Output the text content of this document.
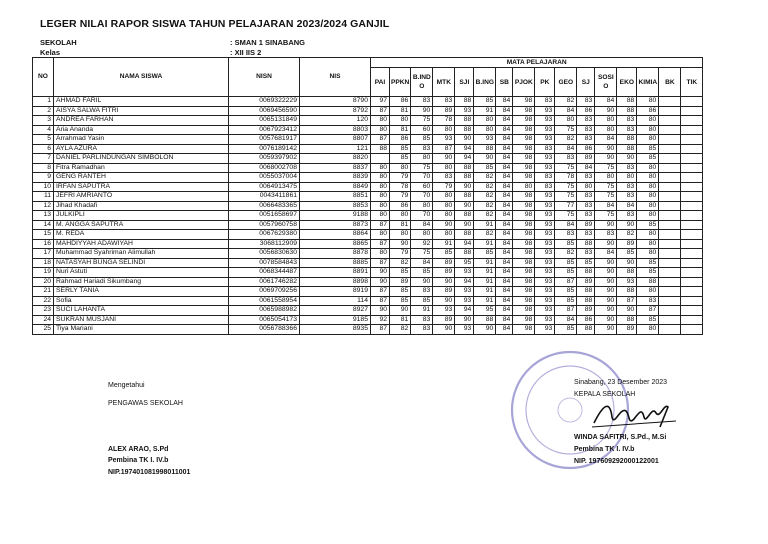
LEGER NILAI RAPOR SISWA TAHUN PELAJARAN 2023/2024 GANJIL
SEKOLAH	: SMAN 1 SINABANG
Kelas	: XII IIS 2
NO	NAMA SISWA	NISN	NIS	MATA PELAJARAN															
				PAI	PPKN	B.IND O	MTK	SJI	B.ING	SB	PJOK	PK	GEO	SJ	SOSI O	EKO	KIMIA	BK	TIK
1	AHMAD FARIL	0069322229	8790	97	86	83	83	88	85	84	98	83	82	83	84	88	80		
2	AISYA SALWA FITRI	0069456590	8792	87	81	90	89	93	91	84	98	93	84	86	90	88	86		
3	ANDREA FARHAN	0065131849	120	80	80	75	78	88	80	84	98	93	80	83	80	83	80		
4	Aria Ananda	0067923412	8803	80	81	60	80	88	80	84	98	93	75	83	80	83	80		
5	Arrahmad Yasin	0057681917	8807	87	86	85	93	90	93	84	98	93	82	83	84	88	80		
6	AYLA AZURA	0076189142	121	88	85	83	87	94	88	84	98	83	84	86	90	88	85		
7	DANIEL PARLINDUNGAN SIMBOLON	0059397902	8820		85	80	90	94	90	84	98	93	83	89	90	90	85		
8	Fitra Ramadhan	0068002708	8837	80	80	75	80	88	85	84	98	93	75	84	75	83	80		
9	GENG RANTEH	0055037004	8839	80	79	70	83	88	82	84	98	83	78	83	80	80	80		
10	IRFAN SAPUTRA	0064913475	8849	80	78	60	79	90	82	84	80	83	75	80	75	83	80		
11	JEFRI AMRIANTO	0043411861	8851	80	79	70	80	88	82	84	98	93	75	83	75	83	80		
12	Jihad Khadafi	0066483365	8853	80	86	80	80	90	82	84	98	93	77	83	84	84	80		
13	JULKIPLI	0051658697	9188	80	80	70	80	88	82	84	98	93	75	83	75	83	80		
14	M. ANGGA SAPUTRA	0057960758	8873	87	81	84	90	90	91	84	98	93	84	89	90	90	85		
15	M. REDA	0067629380	8864	80	80	80	80	88	82	84	98	93	83	83	83	82	80		
16	MAHDIYYAH ADAWIYAH	3068112909	8865	87	90	92	91	94	91	84	98	93	85	88	90	89	80		
17	Muhammad Syahriman Alimullah	0056830630	8878	80	79	75	85	88	85	84	98	93	82	83	84	85	80		
18	NATASYAH BUNGA SELINDI	0078584843	8885	87	82	84	89	95	91	84	98	93	85	85	90	90	85		
19	Nuri Astuti	0068344487	8891	90	85	85	89	93	91	84	98	93	85	88	90	88	85		
20	Rahmad Hariadi Sikumbang	0061746282	8898	90	89	90	90	94	91	84	98	93	87	89	90	93	88		
21	SERLY TANIA	0069709256	8919	87	85	83	89	93	91	84	98	93	85	88	90	88	80		
22	Sofia	0061558954	114	87	85	85	90	93	91	84	98	93	85	88	90	87	83		
23	SUCI LAHANTA	0065988982	8927	90	90	91	93	94	95	84	98	93	87	89	90	90	87		
24	SUKRAN MUSJANI	0065054173	9185	92	81	83	89	90	88	84	98	93	84	86	90	88	85		
25	Tiya Mariani	0056788366	8935	87	82	83	90	93	90	84	98	93	85	88	90	89	80		
Mengetahui
PENGAWAS SEKOLAH
ALEX ARAO, S.Pd
Pembina TK I. IV.b
NIP.197401081998011001
Sinabang, 23 Desember 2023
KEPALA SEKOLAH
WINDA SAFITRI, S.Pd., M.Si
Pembina TK I. IV.b
NIP. 197609292000122001
